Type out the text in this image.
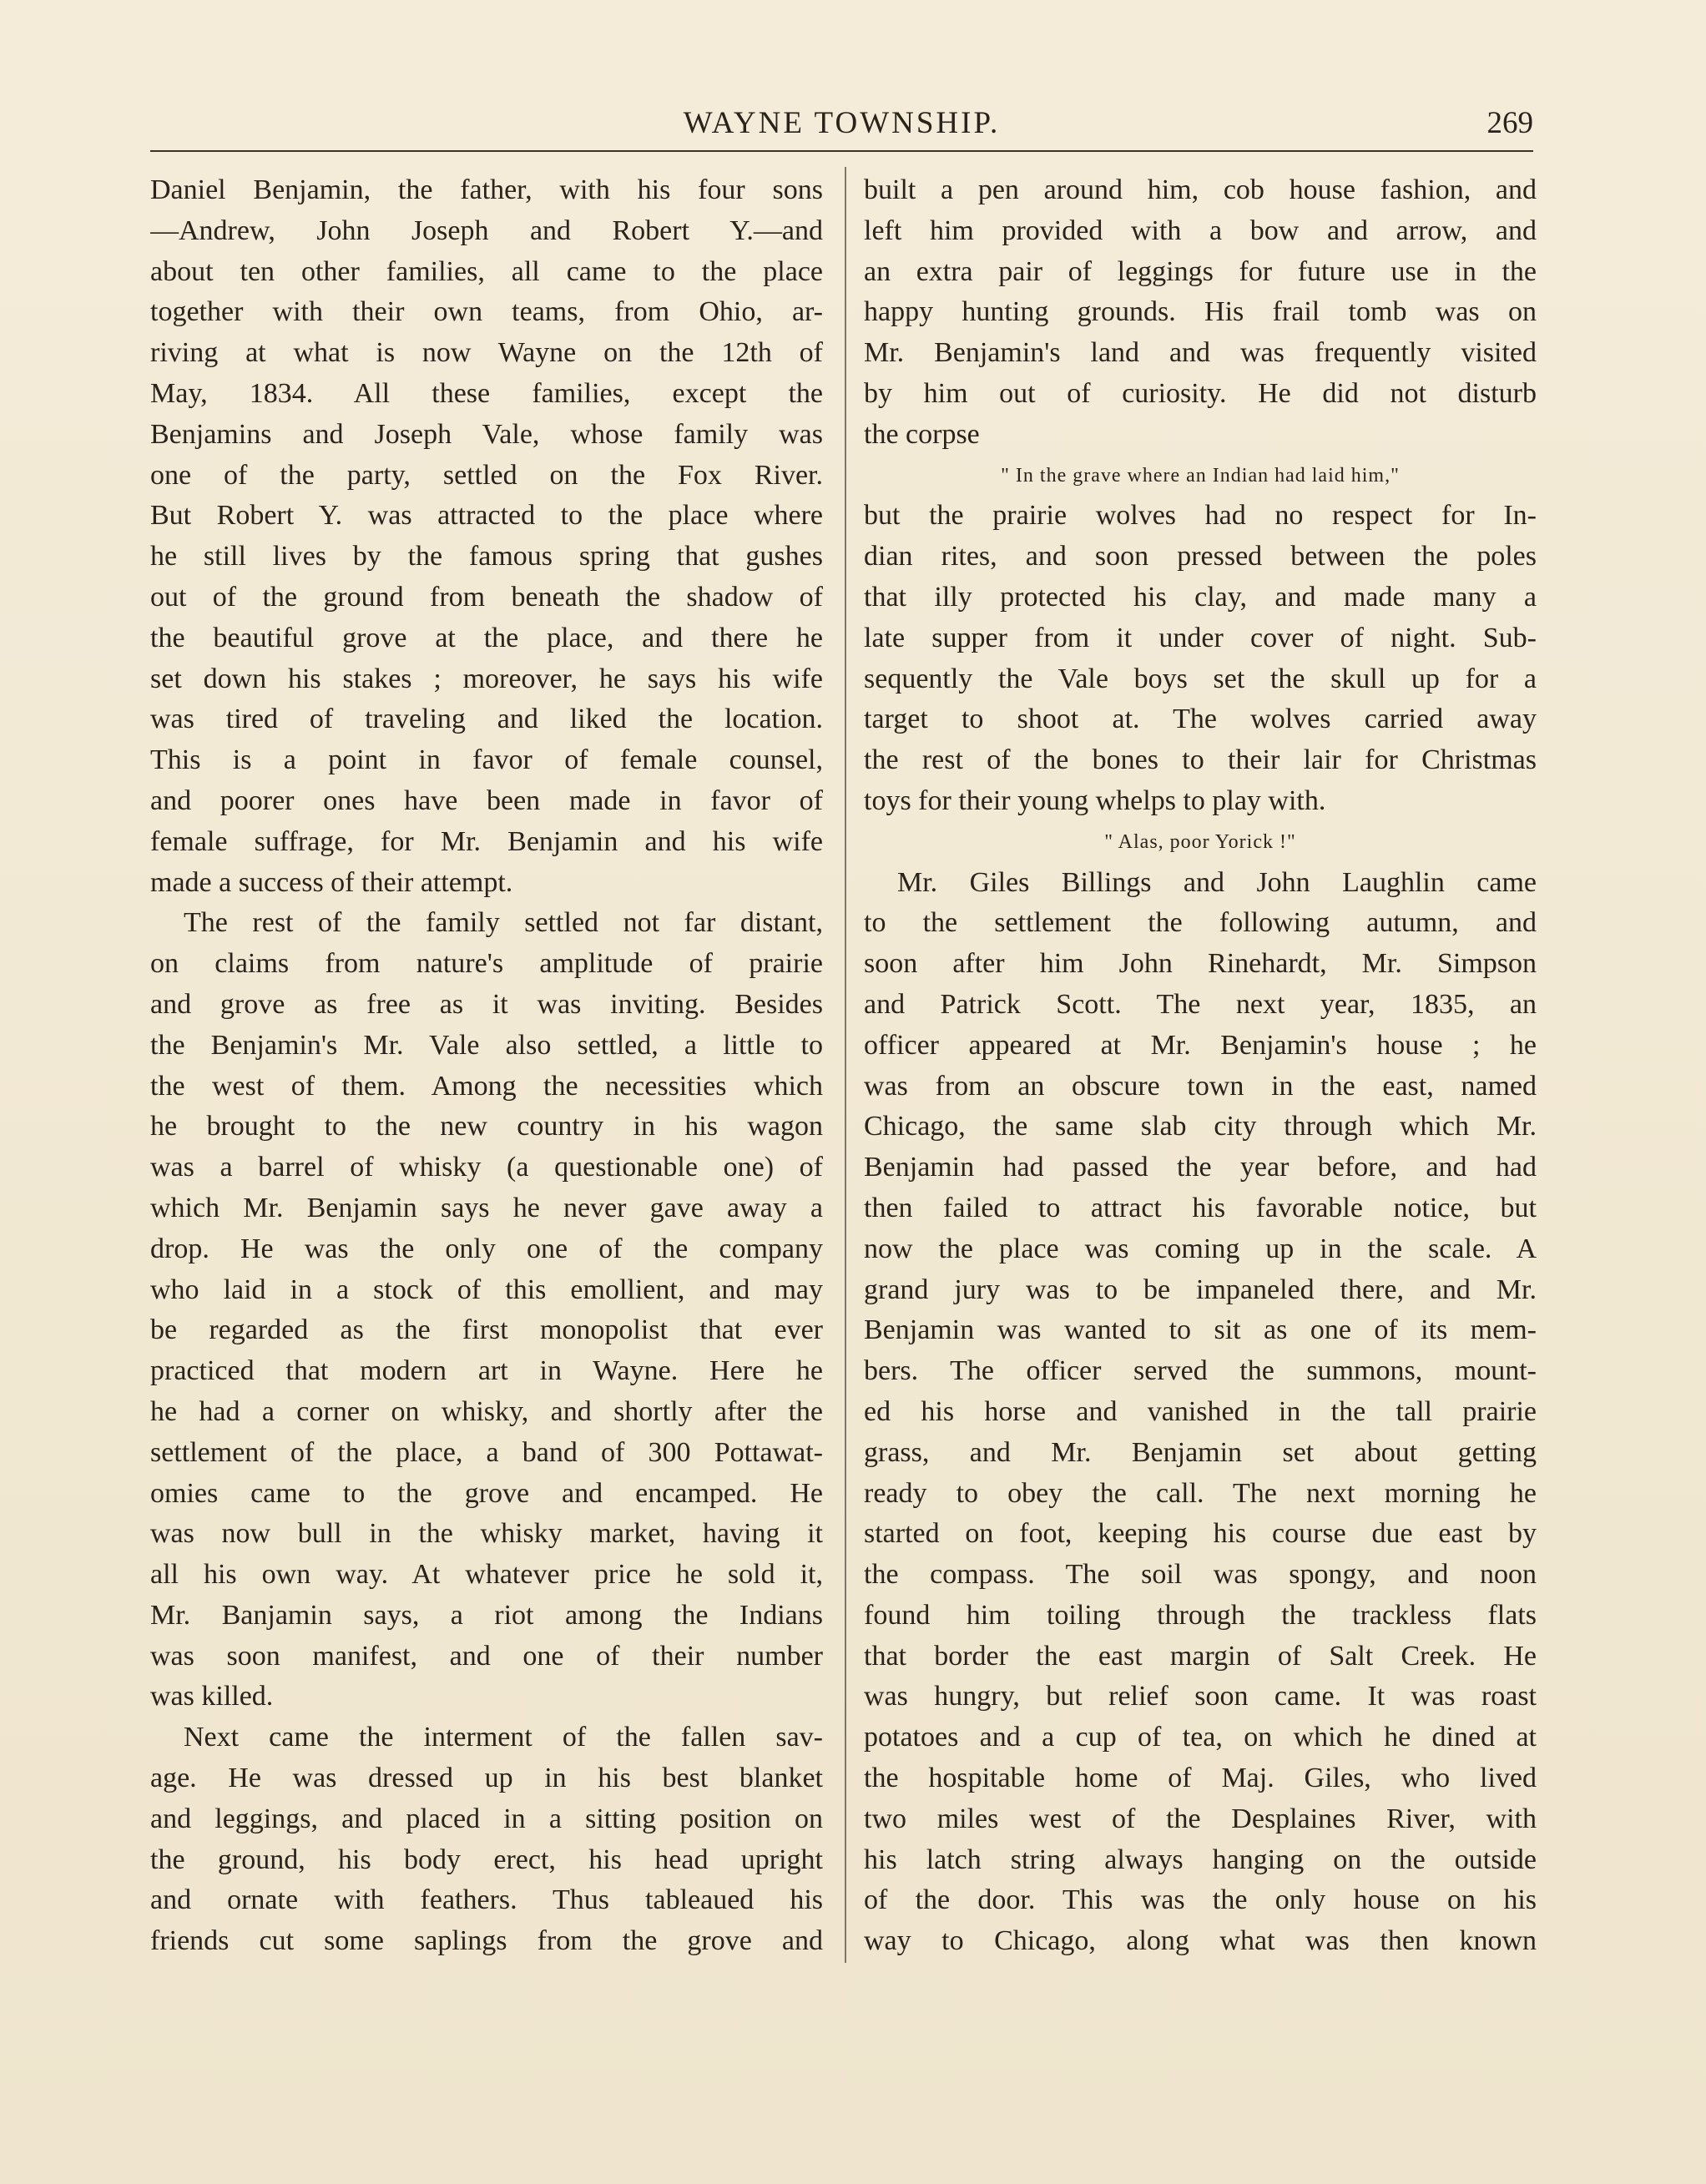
WAYNE TOWNSHIP.	269
Daniel Benjamin, the father, with his four sons
—Andrew, John Joseph and Robert Y.—and
about ten other families, all came to the place
together with their own teams, from Ohio, ar-
riving at what is now Wayne on the 12th of
May, 1834. All these families, except the
Benjamins and Joseph Vale, whose family was
one of the party, settled on the Fox River.
But Robert Y. was attracted to the place where
he still lives by the famous spring that gushes
out of the ground from beneath the shadow of
the beautiful grove at the place, and there he
set down his stakes ; moreover, he says his wife
was tired of traveling and liked the location.
This is a point in favor of female counsel,
and poorer ones have been made in favor of
female suffrage, for Mr. Benjamin and his wife
made a success of their attempt.
The rest of the family settled not far distant,
on claims from nature's amplitude of prairie
and grove as free as it was inviting. Besides
the Benjamin's Mr. Vale also settled, a little to
the west of them. Among the necessities which
he brought to the new country in his wagon
was a barrel of whisky (a questionable one) of
which Mr. Benjamin says he never gave away a
drop. He was the only one of the company
who laid in a stock of this emollient, and may
be regarded as the first monopolist that ever
practiced that modern art in Wayne. Here he
he had a corner on whisky, and shortly after the
settlement of the place, a band of 300 Pottawat-
omies came to the grove and encamped. He
was now bull in the whisky market, having it
all his own way. At whatever price he sold it,
Mr. Banjamin says, a riot among the Indians
was soon manifest, and one of their number
was killed.
Next came the interment of the fallen sav-
age. He was dressed up in his best blanket
and leggings, and placed in a sitting position on
the ground, his body erect, his head upright
and ornate with feathers. Thus tableaued his
friends cut some saplings from the grove and
built a pen around him, cob house fashion, and
left him provided with a bow and arrow, and
an extra pair of leggings for future use in the
happy hunting grounds. His frail tomb was on
Mr. Benjamin's land and was frequently visited
by him out of curiosity. He did not disturb
the corpse
" In the grave where an Indian had laid him,"
but the prairie wolves had no respect for In-
dian rites, and soon pressed between the poles
that illy protected his clay, and made many a
late supper from it under cover of night. Sub-
sequently the Vale boys set the skull up for a
target to shoot at. The wolves carried away
the rest of the bones to their lair for Christmas
toys for their young whelps to play with.
" Alas, poor Yorick !"
Mr. Giles Billings and John Laughlin came
to the settlement the following autumn, and
soon after him John Rinehardt, Mr. Simpson
and Patrick Scott. The next year, 1835, an
officer appeared at Mr. Benjamin's house ; he
was from an obscure town in the east, named
Chicago, the same slab city through which Mr.
Benjamin had passed the year before, and had
then failed to attract his favorable notice, but
now the place was coming up in the scale. A
grand jury was to be impaneled there, and Mr.
Benjamin was wanted to sit as one of its mem-
bers. The officer served the summons, mount-
ed his horse and vanished in the tall prairie
grass, and Mr. Benjamin set about getting
ready to obey the call. The next morning he
started on foot, keeping his course due east by
the compass. The soil was spongy, and noon
found him toiling through the trackless flats
that border the east margin of Salt Creek. He
was hungry, but relief soon came. It was roast
potatoes and a cup of tea, on which he dined at
the hospitable home of Maj. Giles, who lived
two miles west of the Desplaines River, with
his latch string always hanging on the outside
of the door. This was the only house on his
way to Chicago, along what was then known
